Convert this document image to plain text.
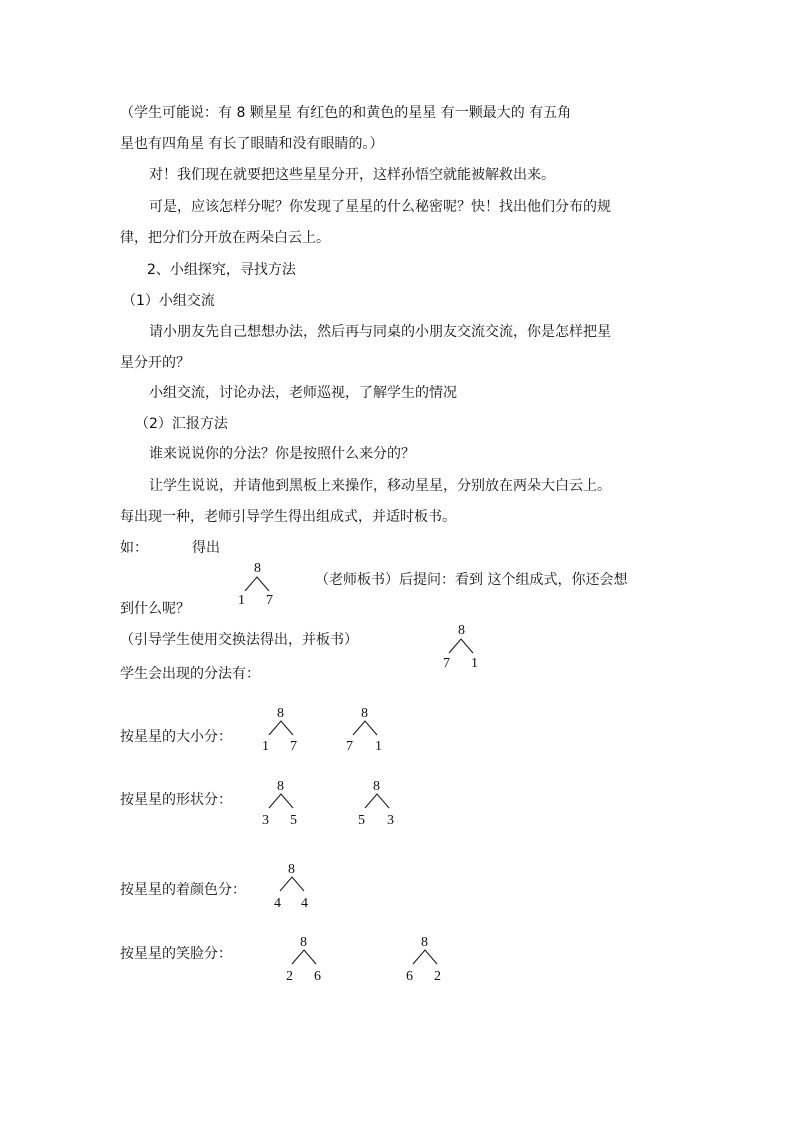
（学生可能说：有 8 颗星星 有红色的和黄色的星星 有一颗最大的 有五角
星也有四角星 有长了眼睛和没有眼睛的。）
对！我们现在就要把这些星星分开，这样孙悟空就能被解救出来。
可是，应该怎样分呢？你发现了星星的什么秘密呢？快！找出他们分布的规
律，把分们分开放在两朵白云上。
2、小组探究，寻找方法
（1）小组交流
请小朋友先自己想想办法，然后再与同桌的小朋友交流交流，你是怎样把星
星分开的？
小组交流，讨论办法，老师巡视，了解学生的情况
（2）汇报方法
谁来说说你的分法？你是按照什么来分的？
让学生说说，并请他到黑板上来操作，移动星星，分别放在两朵大白云上。
每出现一种，老师引导学生得出组成式，并适时板书。
如：	得出
8
1 7
（老师板书）后提问：看到 这个组成式，你还会想
到什么呢？
（引导学生使用交换法得出，并板书）
8
7 1
学生会出现的分法有：
按星星的大小分：
8
1 7
8
7 1
按星星的形状分：
8
3 5
8
5 3
按星星的着颜色分：
8
4 4
按星星的笑脸分：
8
2 6
8
6 2
